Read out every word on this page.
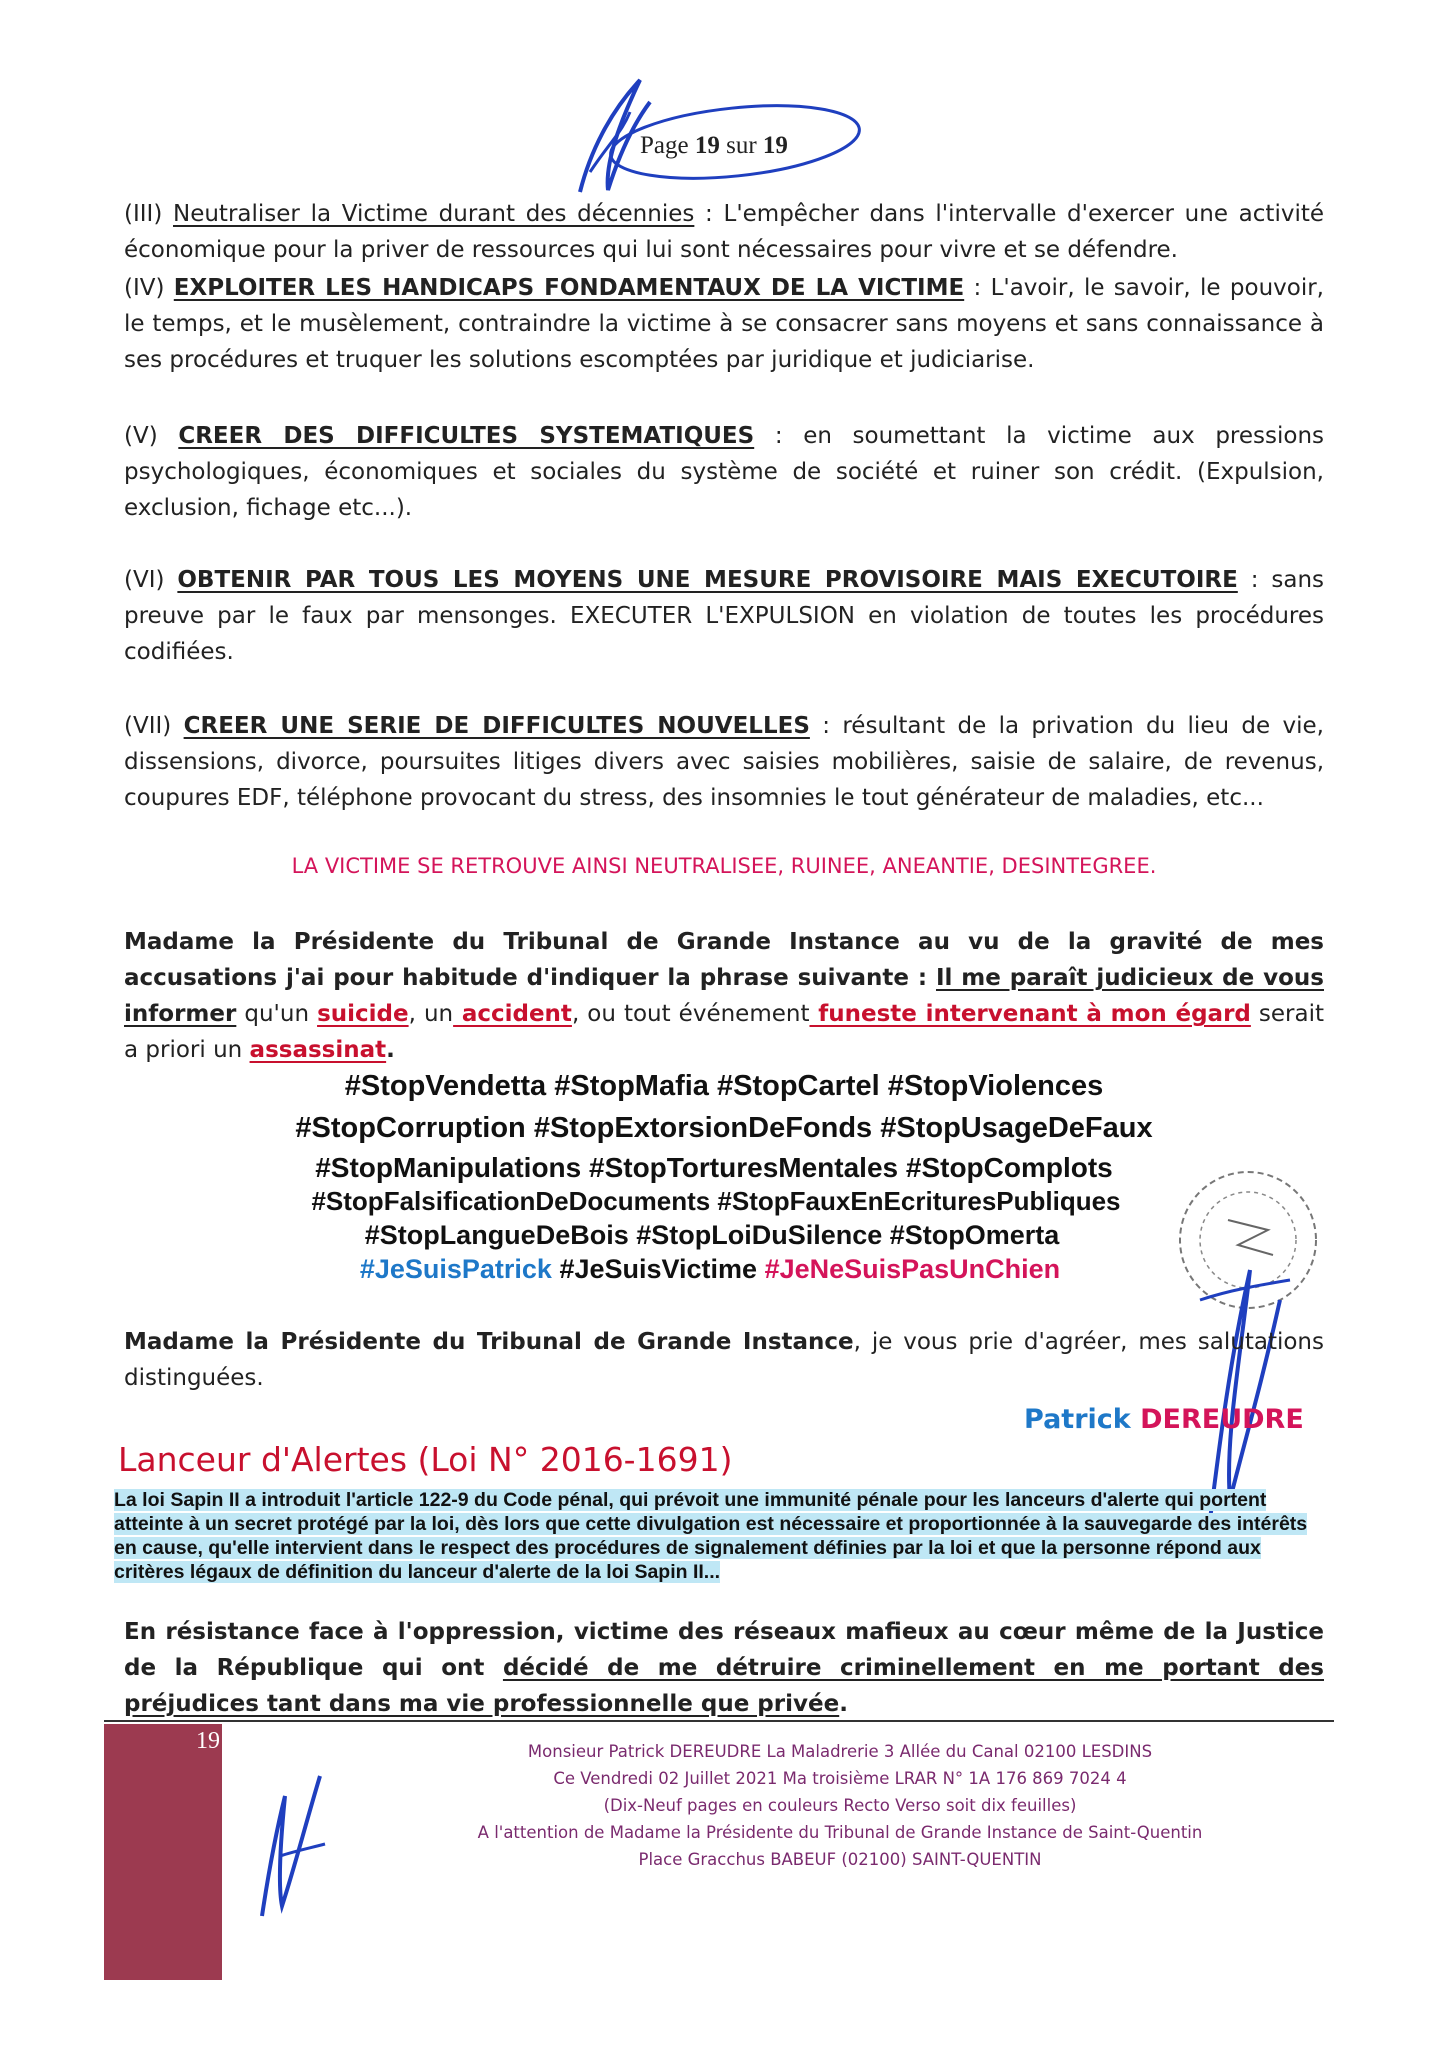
Page 19 sur 19
(III) Neutraliser la Victime durant des décennies : L'empêcher dans l'intervalle d'exercer une activité économique pour la priver de ressources qui lui sont nécessaires pour vivre et se défendre.
(IV) EXPLOITER LES HANDICAPS FONDAMENTAUX DE LA VICTIME : L'avoir, le savoir, le pouvoir, le temps, et le musèlement, contraindre la victime à se consacrer sans moyens et sans connaissance à ses procédures et truquer les solutions escomptées par juridique et judiciarise.
(V) CREER DES DIFFICULTES SYSTEMATIQUES : en soumettant la victime aux pressions psychologiques, économiques et sociales du système de société et ruiner son crédit. (Expulsion, exclusion, fichage etc...).
(VI) OBTENIR PAR TOUS LES MOYENS UNE MESURE PROVISOIRE MAIS EXECUTOIRE : sans preuve par le faux par mensonges. EXECUTER L'EXPULSION en violation de toutes les procédures codifiées.
(VII) CREER UNE SERIE DE DIFFICULTES NOUVELLES : résultant de la privation du lieu de vie, dissensions, divorce, poursuites litiges divers avec saisies mobilières, saisie de salaire, de revenus, coupures EDF, téléphone provocant du stress, des insomnies le tout générateur de maladies, etc...
LA VICTIME SE RETROUVE AINSI NEUTRALISEE, RUINEE, ANEANTIE, DESINTEGREE.
Madame la Présidente du Tribunal de Grande Instance au vu de la gravité de mes accusations j'ai pour habitude d'indiquer la phrase suivante : Il me paraît judicieux de vous informer qu'un suicide, un accident, ou tout événement funeste intervenant à mon égard serait a priori un assassinat.
#StopVendetta #StopMafia #StopCartel #StopViolences
#StopCorruption #StopExtorsionDeFonds #StopUsageDeFaux
#StopManipulations #StopTorturesMentales #StopComplots
#StopFalsificationDeDocuments #StopFauxEnEcrituresPubliques
#StopLangueDeBois #StopLoiDuSilence #StopOmerta
#JeSuisPatrick #JeSuisVictime #JeNeSuisPasUnChien
Madame la Présidente du Tribunal de Grande Instance, je vous prie d'agréer, mes salutations distinguées.
Patrick DEREUDRE
Lanceur d'Alertes (Loi N° 2016-1691)
La loi Sapin II a introduit l'article 122-9 du Code pénal, qui prévoit une immunité pénale pour les lanceurs d'alerte qui portent atteinte à un secret protégé par la loi, dès lors que cette divulgation est nécessaire et proportionnée à la sauvegarde des intérêts en cause, qu'elle intervient dans le respect des procédures de signalement définies par la loi et que la personne répond aux critères légaux de définition du lanceur d'alerte de la loi Sapin II...
En résistance face à l'oppression, victime des réseaux mafieux au cœur même de la Justice de la République qui ont décidé de me détruire criminellement en me portant des préjudices tant dans ma vie professionnelle que privée.
19	Monsieur Patrick DEREUDRE La Maladrerie 3 Allée du Canal 02100 LESDINS
Ce Vendredi 02 Juillet 2021 Ma troisième LRAR N° 1A 176 869 7024 4
(Dix-Neuf pages en couleurs Recto Verso soit dix feuilles)
A l'attention de Madame la Présidente du Tribunal de Grande Instance de Saint-Quentin
Place Gracchus BABEUF (02100) SAINT-QUENTIN
